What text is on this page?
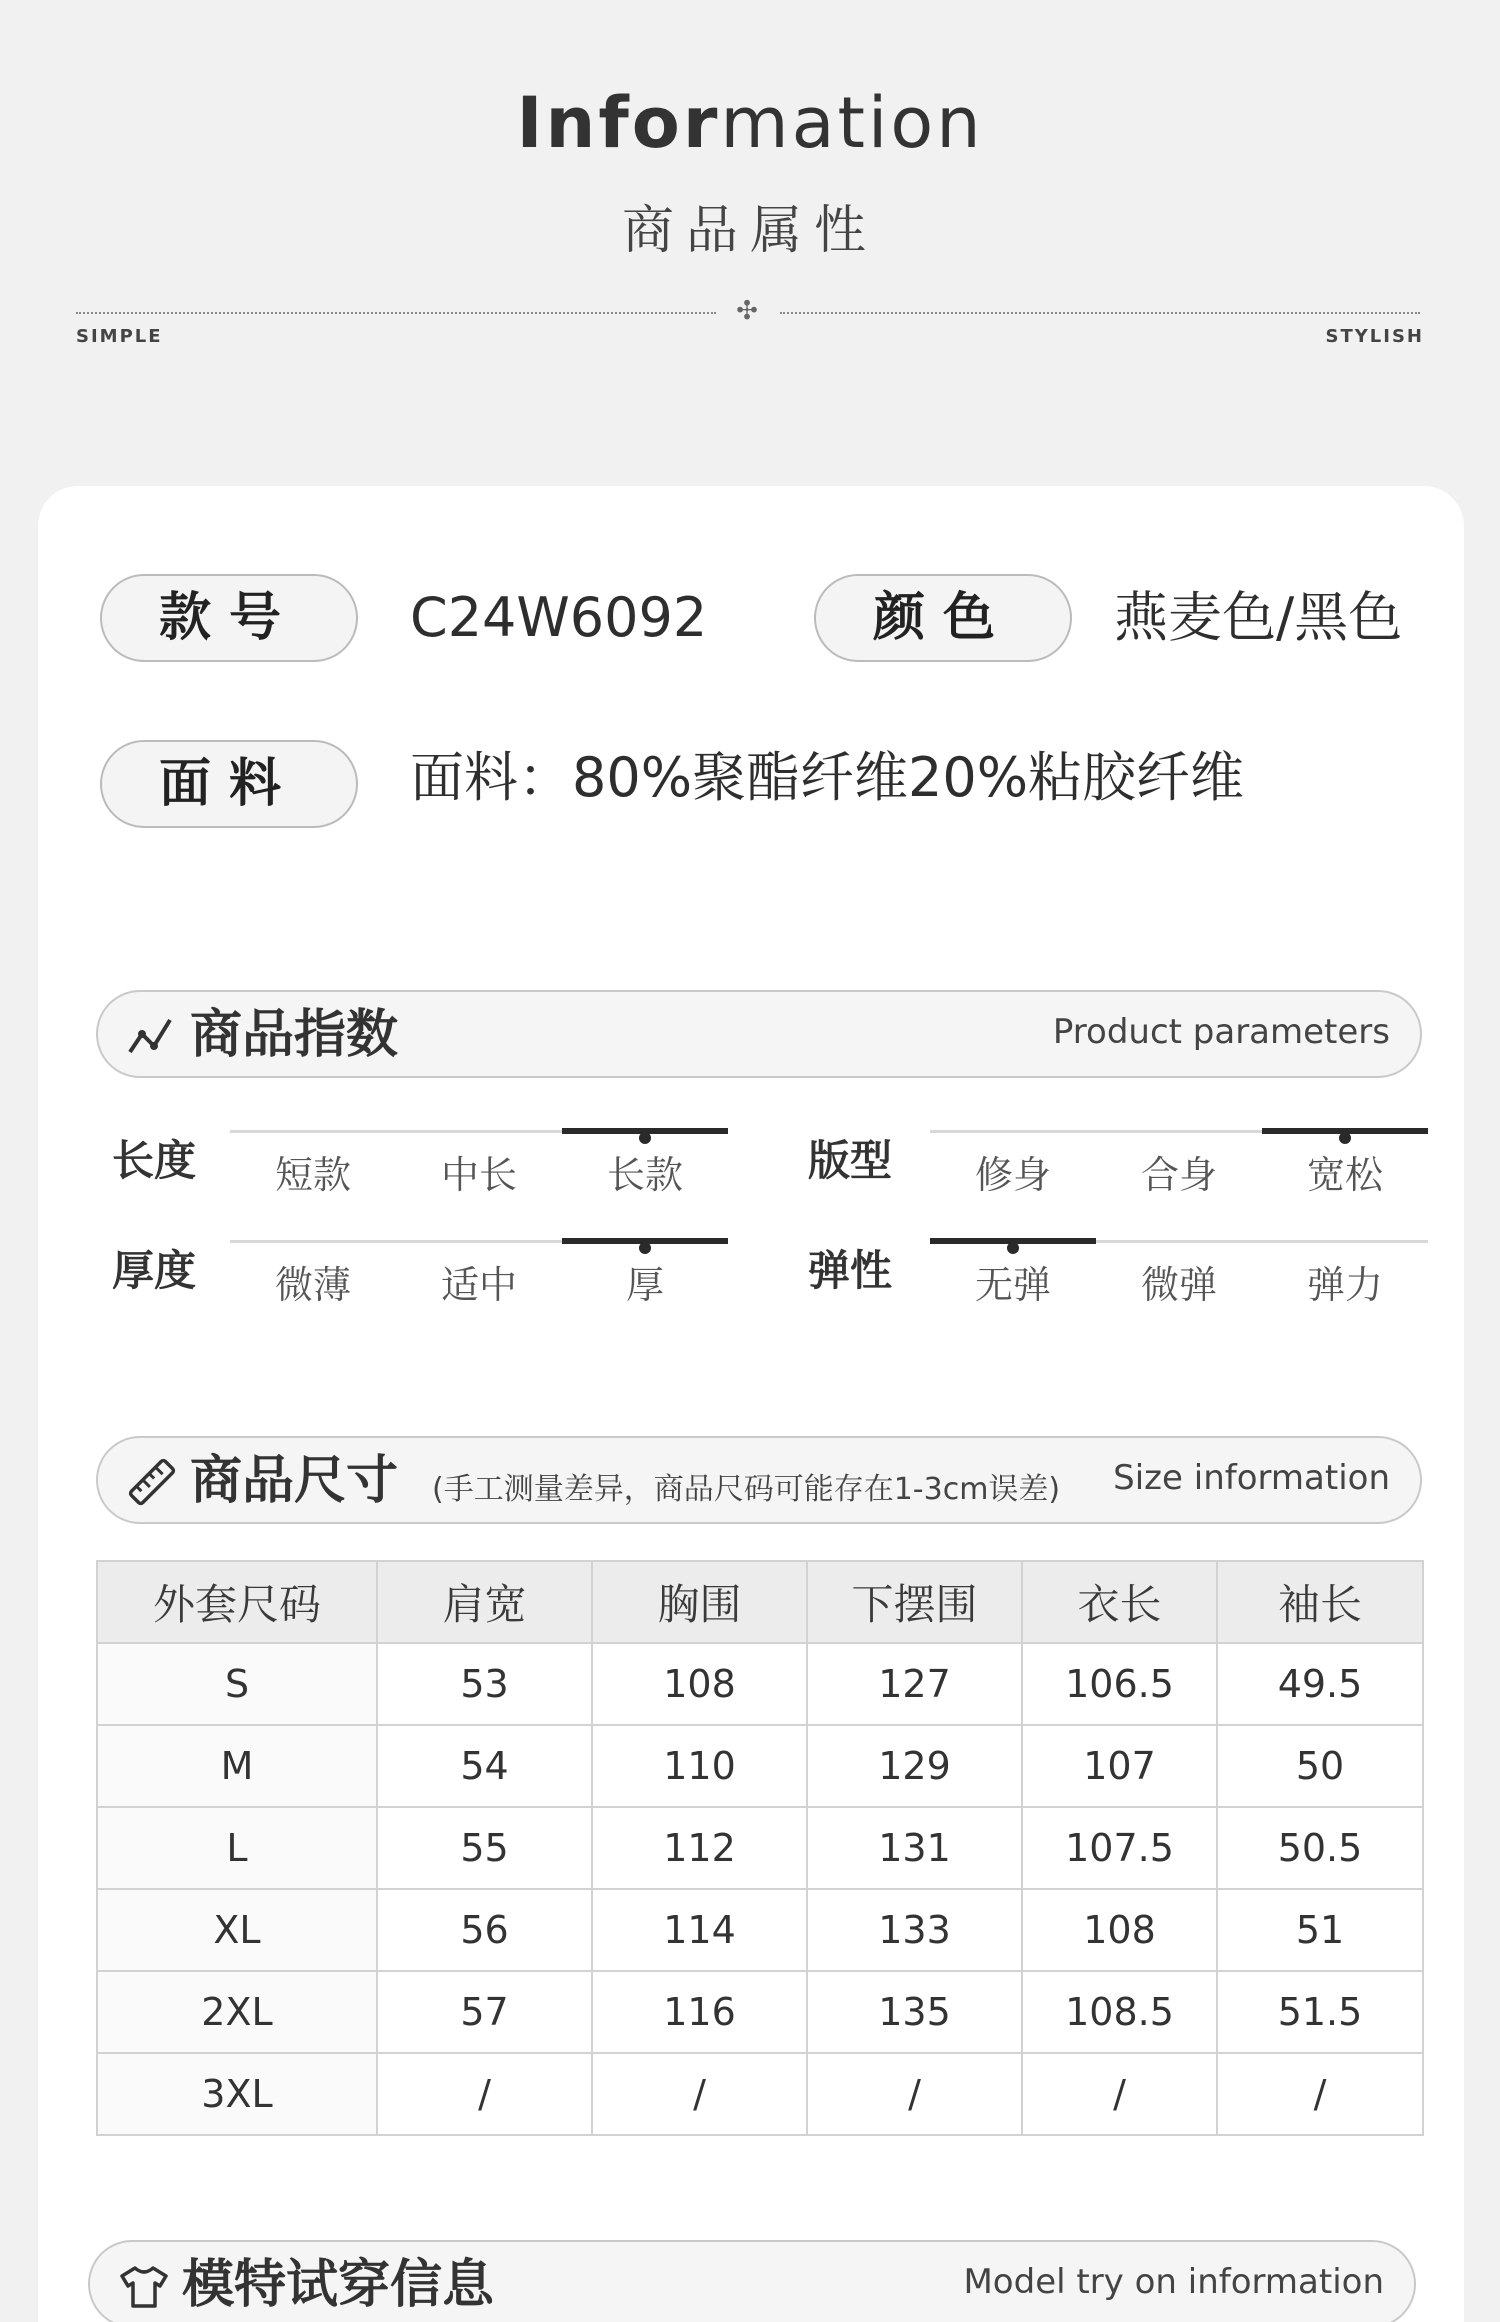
Information
商品属性
✣
SIMPLE	STYLISH
款号	C24W6092	颜色	燕麦色/黑色
面料	面料：80%聚酯纤维20%粘胶纤维
商品指数	Product parameters
长度	短款	中长	长款	版型	修身	合身	宽松
厚度	微薄	适中	厚	弹性	无弹	微弹	弹力
商品尺寸 (手工测量差异，商品尺码可能存在1-3cm误差) Size information
外套尺码	肩宽	胸围	下摆围	衣长	袖长
S	53	108	127	106.5	49.5
M	54	110	129	107	50
L	55	112	131	107.5	50.5
XL	56	114	133	108	51
2XL	57	116	135	108.5	51.5
3XL	/	/	/	/	/
模特试穿信息	Model try on information
